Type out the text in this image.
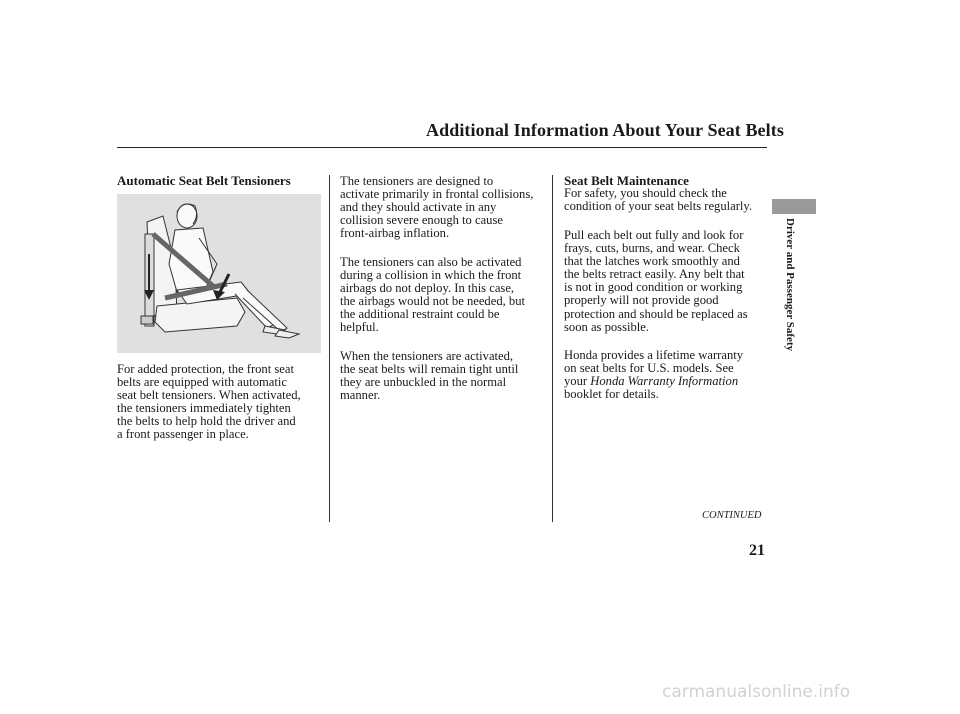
Additional Information About Your Seat Belts
Automatic Seat Belt Tensioners

For added protection, the front seat
belts are equipped with automatic
seat belt tensioners. When activated,
the tensioners immediately tighten
the belts to help hold the driver and
a front passenger in place.

The tensioners are designed to
activate primarily in frontal collisions,
and they should activate in any
collision severe enough to cause
front-airbag inflation.

The tensioners can also be activated
during a collision in which the front
airbags do not deploy. In this case,
the airbags would not be needed, but
the additional restraint could be
helpful.

When the tensioners are activated,
the seat belts will remain tight until
they are unbuckled in the normal
manner.

Seat Belt Maintenance

For safety, you should check the
condition of your seat belts regularly.

Pull each belt out fully and look for
frays, cuts, burns, and wear. Check
that the latches work smoothly and
the belts retract easily. Any belt that
is not in good condition or working
properly will not provide good
protection and should be replaced as
soon as possible.

Honda provides a lifetime warranty
on seat belts for U.S. models. See
your Honda Warranty Information
booklet for details.

Driver and Passenger Safety
CONTINUED
21
carmanualsonline.info
